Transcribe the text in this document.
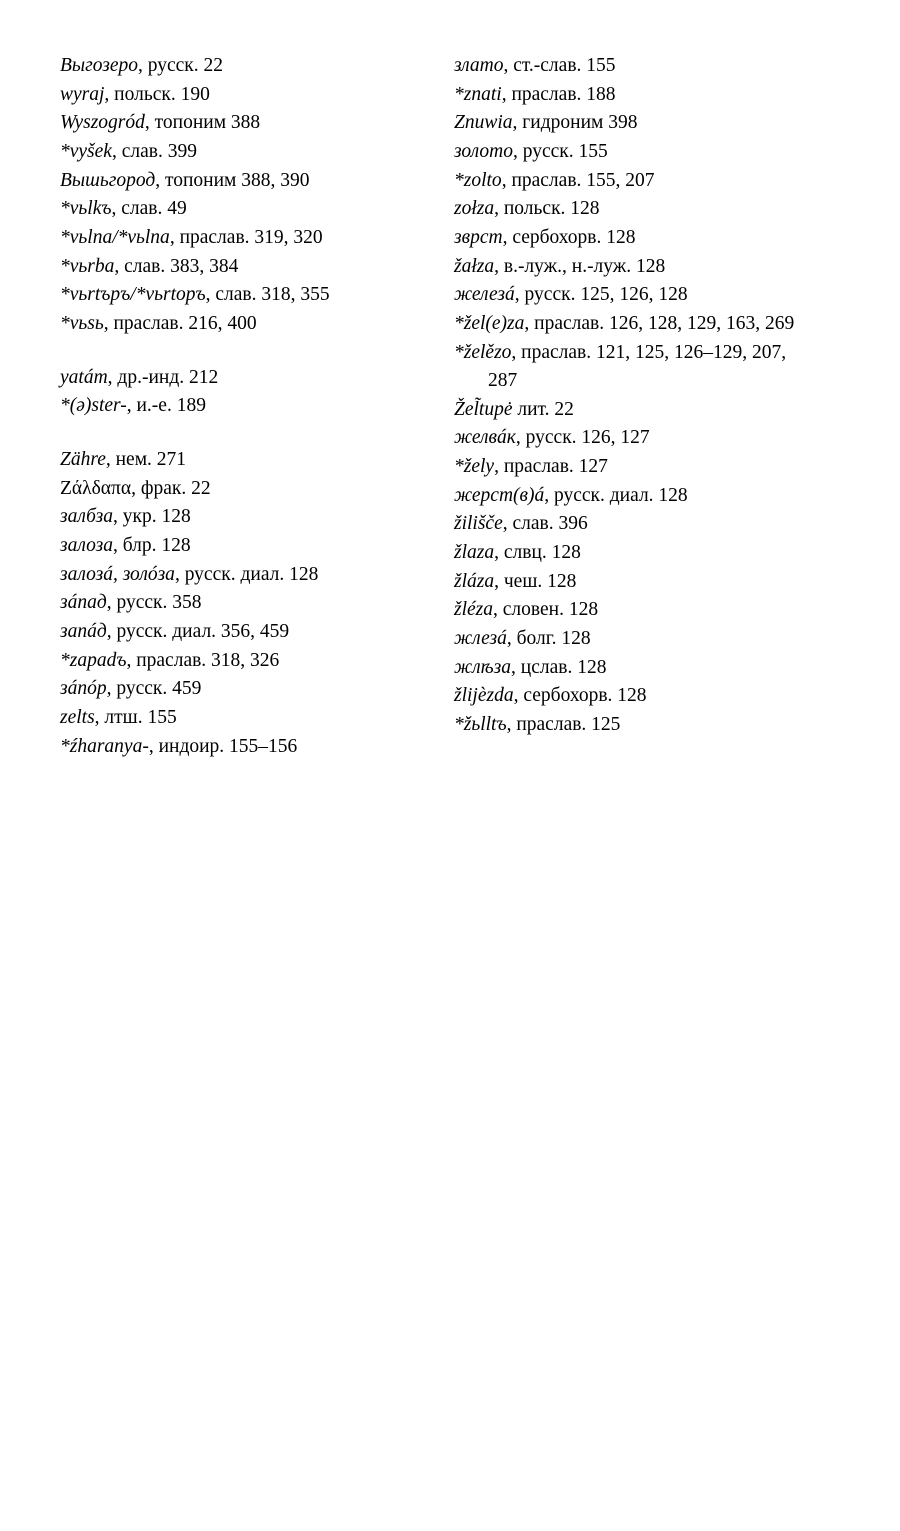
Выгозеро, русск. 22
wyraj, польск. 190
Wyszogród, топоним 388
*vyšek, слав. 399
Вышьгород, топоним 388, 390
*vьlkъ, слав. 49
*vьlna/*vьlna, праслав. 319, 320
*vьrba, слав. 383, 384
*vьrtъръ/*vьrtopъ, слав. 318, 355
*vьsь, праслав. 216, 400
yatám, др.-инд. 212
*(ə)ster-, и.-е. 189
Zähre, нем. 271
Ζάλδαπα, фрак. 22
залбза, укр. 128
залоза, блр. 128
залозá, золóза, русск. диал. 128
зáпад, русск. 358
запáд, русск. диал. 356, 459
*zapadъ, праслав. 318, 326
зáпóр, русск. 459
zelts, лтш. 155
*źharanya-, индоир. 155–156
злато, ст.-слав. 155
*znati, праслав. 188
Znuwia, гидроним 398
золото, русск. 155
*zolto, праслав. 155, 207
zołza, польск. 128
зврст, сербохорв. 128
žałza, в.-луж., н.-луж. 128
железá, русск. 125, 126, 128
*žel(e)za, праслав. 126, 128, 129, 163, 269
*želězo, праслав. 121, 125, 126–129, 207, 287
Žel̃tupė лит. 22
желвáк, русск. 126, 127
*žely, праслав. 127
жерст(в)á, русск. диал. 128
žilišče, слав. 396
žlaza, слвц. 128
žláza, чеш. 128
žléza, словен. 128
жлезá, болг. 128
жлѣза, цслав. 128
žlijèzda, сербохорв. 128
*žьlltъ, праслав. 125
